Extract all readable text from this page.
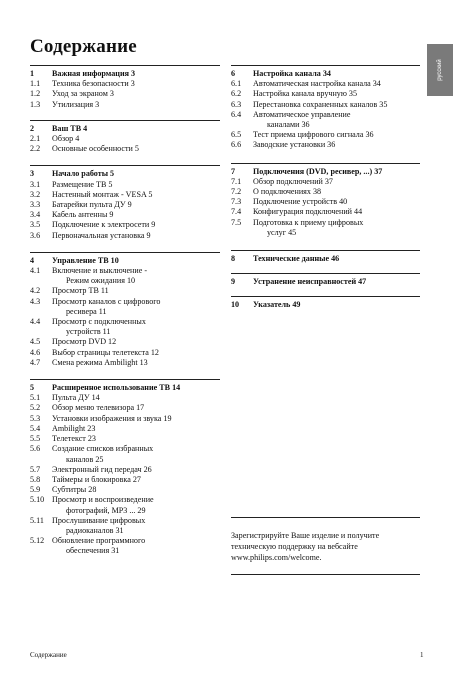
Содержание
русский
1	Важная информация 3
1.1	Техника безопасности 3
1.2	Уход за экраном 3
1.3	Утилизация 3
2	Ваш ТВ 4
2.1	Обзор 4
2.2	Основные особенности 5
3	Начало работы 5
3.1	Размещение ТВ 5
3.2	Настенный монтаж - VESA 5
3.3	Батарейки пульта ДУ 9
3.4	Кабель антенны 9
3.5	Подключение к электросети 9
3.6	Первоначальная установка 9
4	Управление ТВ 10
4.1	Включение и выключение -
Режим ожидания 10
4.2	Просмотр ТВ 11
4.3	Просмотр каналов с цифрового
ресивера 11
4.4	Просмотр с подключенных
устройств 11
4.5	Просмотр DVD 12
4.6	Выбор страницы телетекста 12
4.7	Смена режима Ambilight 13
5	Расширенное использование ТВ 14
5.1	Пульта ДУ 14
5.2	Обзор меню телевизора 17
5.3	Установки изображения и звука 19
5.4	Ambilight 23
5.5	Телетекст 23
5.6	Создание списков избранных
каналов 25
5.7	Электронный гид передач 26
5.8	Таймеры и блокировка 27
5.9	Субтитры 28
5.10 Просмотр и воспроизведение
фотографий, MP3 ... 29
5.11	Прослушивание цифровых
радиоканалов 31
5.12 Обновление программного
обеспечения 31
6	Настройка канала 34
6.1	Автоматическая настройка канала 34
6.2	Настройка канала вручную 35
6.3	Перестановка сохраненных каналов 35
6.4	Автоматическое управление
каналами 36
6.5	Тест приема цифрового сигнала 36
6.6	Заводские установки 36
7	Подключения (DVD, ресивер, ...) 37
7.1	Обзор подключений 37
7.2	О подключениях 38
7.3	Подключение устройств 40
7.4	Конфигурация подключений 44
7.5	Подготовка к приему цифровых
услуг 45
8	Технические данные 46
9	Устранение неисправностей 47
10	Указатель 49
Зарегистрируйте Ваше изделие и получите техническую поддержку на вебсайте www.philips.com/welcome.
Содержание	1
